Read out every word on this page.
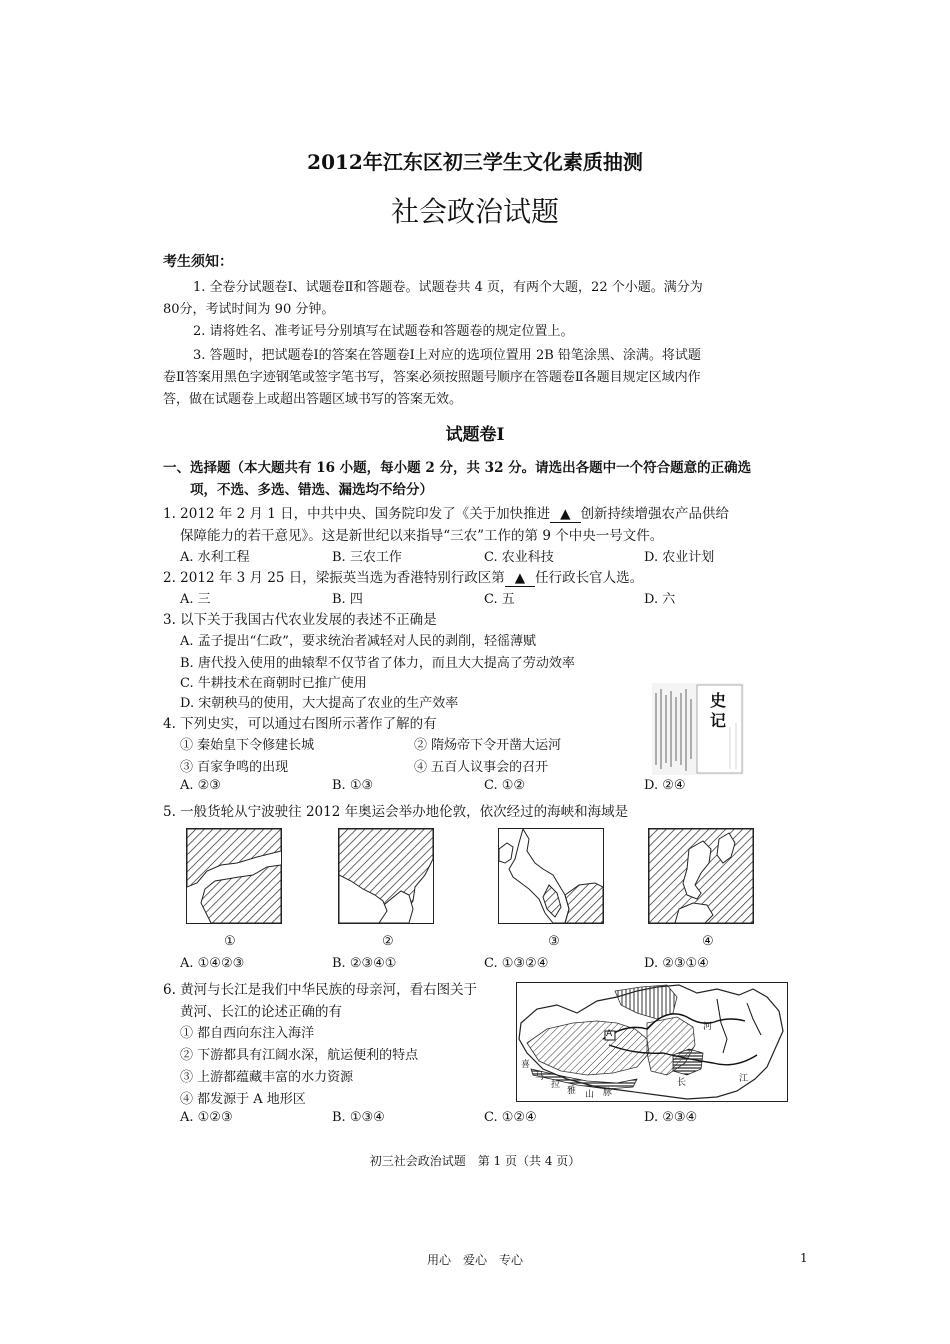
2012年江东区初三学生文化素质抽测
社会政治试题
考生须知：
1. 全卷分试题卷Ⅰ、试题卷Ⅱ和答题卷。试题卷共 4 页，有两个大题，22 个小题。满分为
80分，考试时间为 90 分钟。
2. 请将姓名、准考证号分别填写在试题卷和答题卷的规定位置上。
3. 答题时，把试题卷Ⅰ的答案在答题卷Ⅰ上对应的选项位置用 2B 铅笔涂黑、涂满。将试题
卷Ⅱ答案用黑色字迹钢笔或签字笔书写，答案必须按照题号顺序在答题卷Ⅱ各题目规定区域内作
答，做在试题卷上或超出答题区域书写的答案无效。
试题卷Ⅰ
一、选择题（本大题共有 16 小题，每小题 2 分，共 32 分。请选出各题中一个符合题意的正确选
项，不选、多选、错选、漏选均不给分）
1. 2012 年 2 月 1 日，中共中央、国务院印发了《关于加快推进 ▲ 创新持续增强农产品供给
保障能力的若干意见》。这是新世纪以来指导“三农”工作的第 9 个中央一号文件。
A. 水利工程	B. 三农工作	C. 农业科技	D. 农业计划
2. 2012 年 3 月 25 日，梁振英当选为香港特别行政区第 ▲ 任行政长官人选。
A. 三	B. 四	C. 五	D. 六
3. 以下关于我国古代农业发展的表述不正确是
A. 孟子提出“仁政”，要求统治者减轻对人民的剥削，轻徭薄赋
B. 唐代投入使用的曲辕犁不仅节省了体力，而且大大提高了劳动效率
C. 牛耕技术在商朝时已推广使用
D. 宋朝秧马的使用，大大提高了农业的生产效率
4. 下列史实，可以通过右图所示著作了解的有
① 秦始皇下令修建长城	② 隋炀帝下令开凿大运河
③ 百家争鸣的出现	④ 五百人议事会的召开
A. ②③	B. ①③	C. ①②	D. ②④
史记
5. 一般货轮从宁波驶往 2012 年奥运会举办地伦敦，依次经过的海峡和海域是
①	②	③	④
A. ①④②③	B. ②③④①	C. ①③②④	D. ②③①④
6. 黄河与长江是我们中华民族的母亲河，看右图关于
黄河、长江的论述正确的有
① 都自西向东注入海洋
② 下游都具有江阔水深，航运便利的特点
③ 上游都蕴藏丰富的水力资源
④ 都发源于 A 地形区
A. ①②③	B. ①③④	C. ①②④	D. ②③④
喜
马
拉
雅 山 脉
A
河
长	江
初三社会政治试题　第 1 页（共 4 页）
用心　爱心　专心	1
